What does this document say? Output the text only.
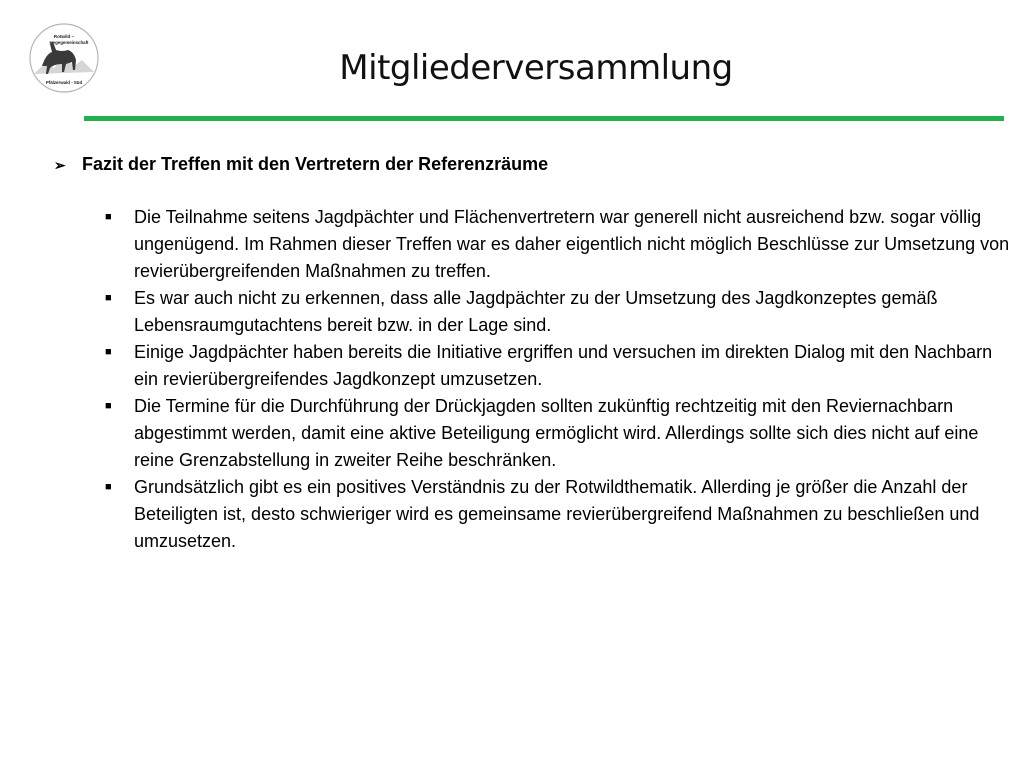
Rotwild –
Hegegemeinschaft
Pfälzerwald - Süd	Mitgliederversammlung
➢ Fazit der Treffen mit den Vertretern der Referenzräume
■ Die Teilnahme seitens Jagdpächter und Flächenvertretern war generell nicht ausreichend bzw. sogar völlig ungenügend. Im Rahmen dieser Treffen war es daher eigentlich nicht möglich Beschlüsse zur Umsetzung von revierübergreifenden Maßnahmen zu treffen.
■ Es war auch nicht zu erkennen, dass alle Jagdpächter zu der Umsetzung des Jagdkonzeptes gemäß Lebensraumgutachtens bereit bzw. in der Lage sind.
■ Einige Jagdpächter haben bereits die Initiative ergriffen und versuchen im direkten Dialog mit den Nachbarn ein revierübergreifendes Jagdkonzept umzusetzen.
■ Die Termine für die Durchführung der Drückjagden sollten zukünftig rechtzeitig mit den Reviernachbarn abgestimmt werden, damit eine aktive Beteiligung ermöglicht wird. Allerdings sollte sich dies nicht auf eine reine Grenzabstellung in zweiter Reihe beschränken.
■ Grundsätzlich gibt es ein positives Verständnis zu der Rotwildthematik. Allerding je größer die Anzahl der Beteiligten ist, desto schwieriger wird es gemeinsame revierübergreifend Maßnahmen zu beschließen und umzusetzen.
